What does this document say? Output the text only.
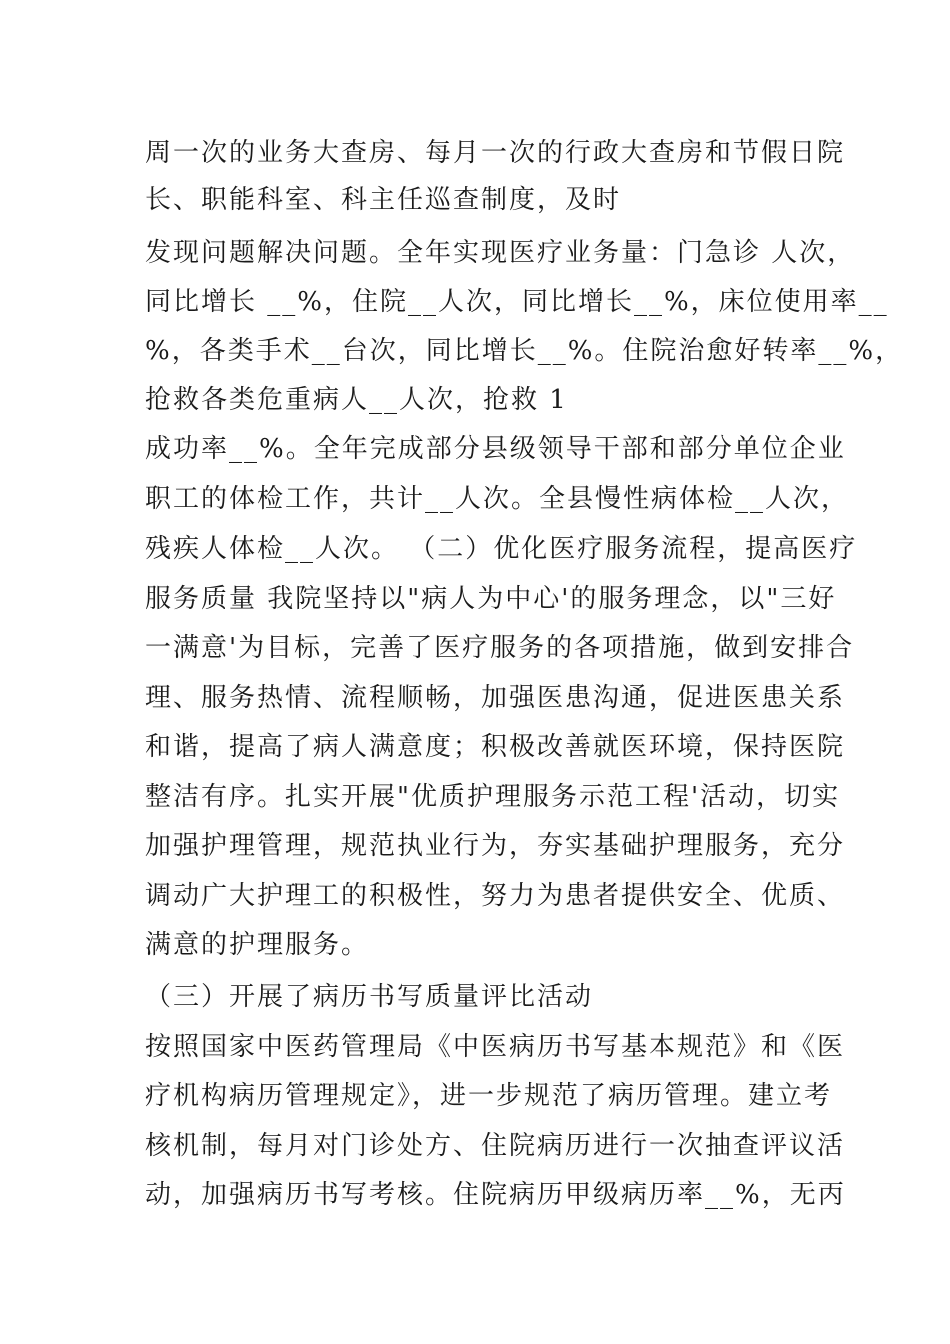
周一次的业务大查房、每月一次的行政大查房和节假日院
长、职能科室、科主任巡查制度，及时
发现问题解决问题。全年实现医疗业务量：门急诊 人次，
同比增长 __%，住院__人次，同比增长__%，床位使用率__
%，各类手术__台次，同比增长__%。住院治愈好转率__%，
抢救各类危重病人__人次，抢救 1
成功率__%。全年完成部分县级领导干部和部分单位企业
职工的体检工作，共计__人次。全县慢性病体检__人次，
残疾人体检__人次。 （二）优化医疗服务流程，提高医疗
服务质量 我院坚持以"病人为中心'的服务理念，以"三好
一满意'为目标，完善了医疗服务的各项措施，做到安排合
理、服务热情、流程顺畅，加强医患沟通，促进医患关系
和谐，提高了病人满意度；积极改善就医环境，保持医院
整洁有序。扎实开展"优质护理服务示范工程'活动，切实
加强护理管理，规范执业行为，夯实基础护理服务，充分
调动广大护理工的积极性，努力为患者提供安全、优质、
满意的护理服务。
（三）开展了病历书写质量评比活动
按照国家中医药管理局《中医病历书写基本规范》和《医
疗机构病历管理规定》，进一步规范了病历管理。建立考
核机制，每月对门诊处方、住院病历进行一次抽查评议活
动，加强病历书写考核。住院病历甲级病历率__%，无丙
